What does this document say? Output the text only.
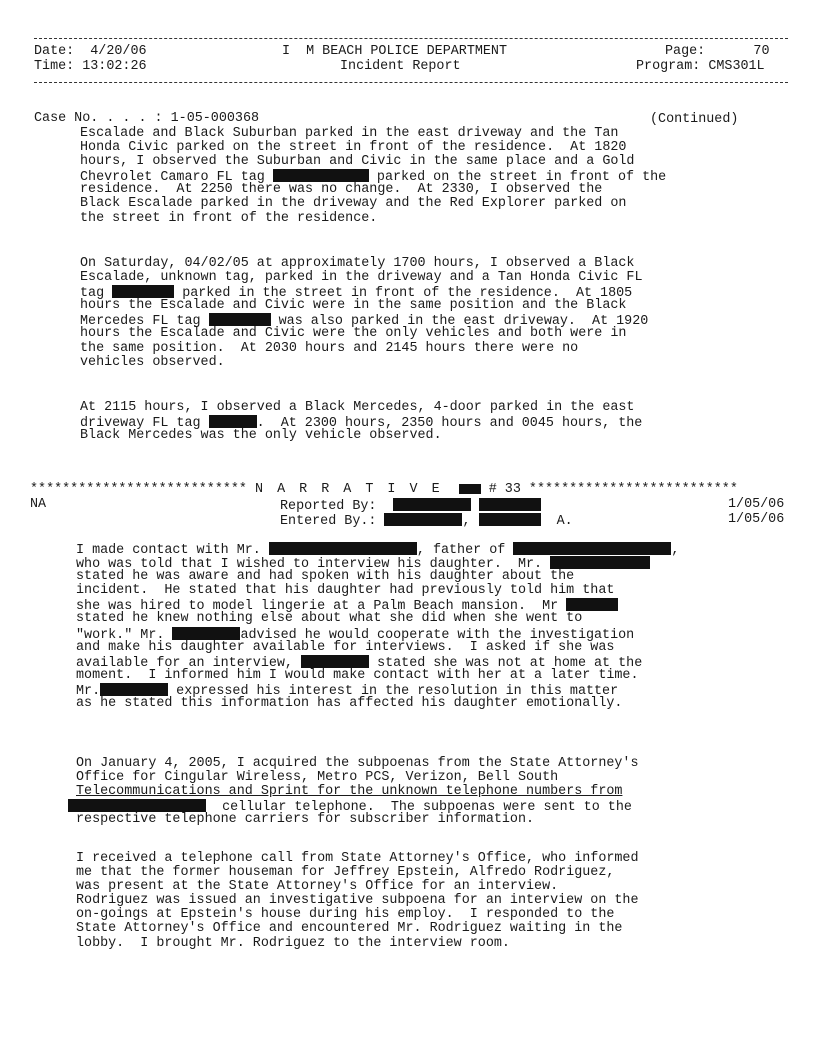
Date: 4/20/06
Time: 13:02:26
I  M BEACH POLICE DEPARTMENT
Incident Report
Page:	70
Program: CMS301L
Case No. . . . : 1-05-000368	(Continued)
Escalade and Black Suburban parked in the east driveway and the Tan
Honda Civic parked on the street in front of the residence.  At 1820
hours, I observed the Suburban and Civic in the same place and a Gold
Chevrolet Camaro FL tag	parked on the street in front of the
residence.  At 2250 there was no change.  At 2330, I observed the
Black Escalade parked in the driveway and the Red Explorer parked on
the street in front of the residence.
On Saturday, 04/02/05 at approximately 1700 hours, I observed a Black
Escalade, unknown tag, parked in the driveway and a Tan Honda Civic FL
tag	parked in the street in front of the residence.  At 1805
hours the Escalade and Civic were in the same position and the Black
Mercedes FL tag	was also parked in the east driveway.  At 1920
hours the Escalade and Civic were the only vehicles and both were in
the same position.  At 2030 hours and 2145 hours there were no
vehicles observed.
At 2115 hours, I observed a Black Mercedes, 4-door parked in the east
driveway FL tag	.  At 2300 hours, 2350 hours and 0045 hours, the
Black Mercedes was the only vehicle observed.
*************************** N A R R A T I V E	# 33 **************************
NA	Reported By:
Entered By.:	,	A.
1/05/06
1/05/06
I made contact with Mr.	, father of	,
who was told that I wished to interview his daughter.  Mr.
stated he was aware and had spoken with his daughter about the
incident.  He stated that his daughter had previously told him that
she was hired to model lingerie at a Palm Beach mansion.  Mr
stated he knew nothing else about what she did when she went to
"work." Mr.	advised he would cooperate with the investigation
and make his daughter available for interviews.  I asked if she was
available for an interview,	stated she was not at home at the
moment.  I informed him I would make contact with her at a later time.
Mr.	expressed his interest in the resolution in this matter
as he stated this information has affected his daughter emotionally.
On January 4, 2005, I acquired the subpoenas from the State Attorney's
Office for Cingular Wireless, Metro PCS, Verizon, Bell South
Telecommunications and Sprint for the unknown telephone numbers from
cellular telephone.  The subpoenas were sent to the
respective telephone carriers for subscriber information.
I received a telephone call from State Attorney's Office, who informed
me that the former houseman for Jeffrey Epstein, Alfredo Rodriguez,
was present at the State Attorney's Office for an interview.
Rodriguez was issued an investigative subpoena for an interview on the
on-goings at Epstein's house during his employ.  I responded to the
State Attorney's Office and encountered Mr. Rodriguez waiting in the
lobby.  I brought Mr. Rodriguez to the interview room.
